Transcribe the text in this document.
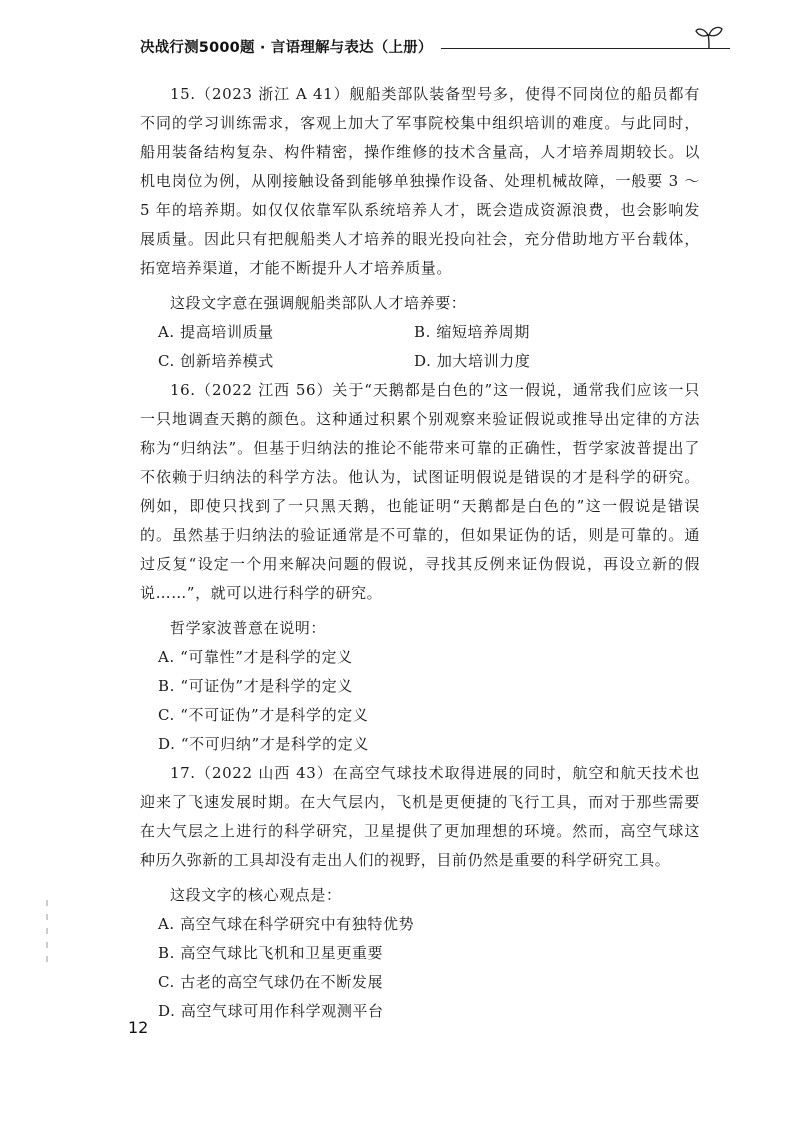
决战行测5000题 · 言语理解与表达（上册）

15.（2023 浙江 A 41）舰船类部队装备型号多，使得不同岗位的船员都有不同的学习训练需求，客观上加大了军事院校集中组织培训的难度。与此同时，船用装备结构复杂、构件精密，操作维修的技术含量高，人才培养周期较长。以机电岗位为例，从刚接触设备到能够单独操作设备、处理机械故障，一般要 3 ～ 5 年的培养期。如仅仅依靠军队系统培养人才，既会造成资源浪费，也会影响发展质量。因此只有把舰船类人才培养的眼光投向社会，充分借助地方平台载体，拓宽培养渠道，才能不断提升人才培养质量。

这段文字意在强调舰船类部队人才培养要：

A. 提高培训质量	B. 缩短培养周期
C. 创新培养模式	D. 加大培训力度

16.（2022 江西 56）关于“天鹅都是白色的”这一假说，通常我们应该一只一只地调查天鹅的颜色。这种通过积累个别观察来验证假说或推导出定律的方法称为“归纳法”。但基于归纳法的推论不能带来可靠的正确性，哲学家波普提出了不依赖于归纳法的科学方法。他认为，试图证明假说是错误的才是科学的研究。例如，即使只找到了一只黑天鹅，也能证明“天鹅都是白色的”这一假说是错误的。虽然基于归纳法的验证通常是不可靠的，但如果证伪的话，则是可靠的。通过反复“设定一个用来解决问题的假说，寻找其反例来证伪假说，再设立新的假说……”，就可以进行科学的研究。

哲学家波普意在说明：

A. “可靠性”才是科学的定义
B. “可证伪”才是科学的定义
C. “不可证伪”才是科学的定义
D. “不可归纳”才是科学的定义

17.（2022 山西 43）在高空气球技术取得进展的同时，航空和航天技术也迎来了飞速发展时期。在大气层内，飞机是更便捷的飞行工具，而对于那些需要在大气层之上进行的科学研究，卫星提供了更加理想的环境。然而，高空气球这种历久弥新的工具却没有走出人们的视野，目前仍然是重要的科学研究工具。

这段文字的核心观点是：

A. 高空气球在科学研究中有独特优势
B. 高空气球比飞机和卫星更重要
C. 古老的高空气球仍在不断发展
D. 高空气球可用作科学观测平台
12
